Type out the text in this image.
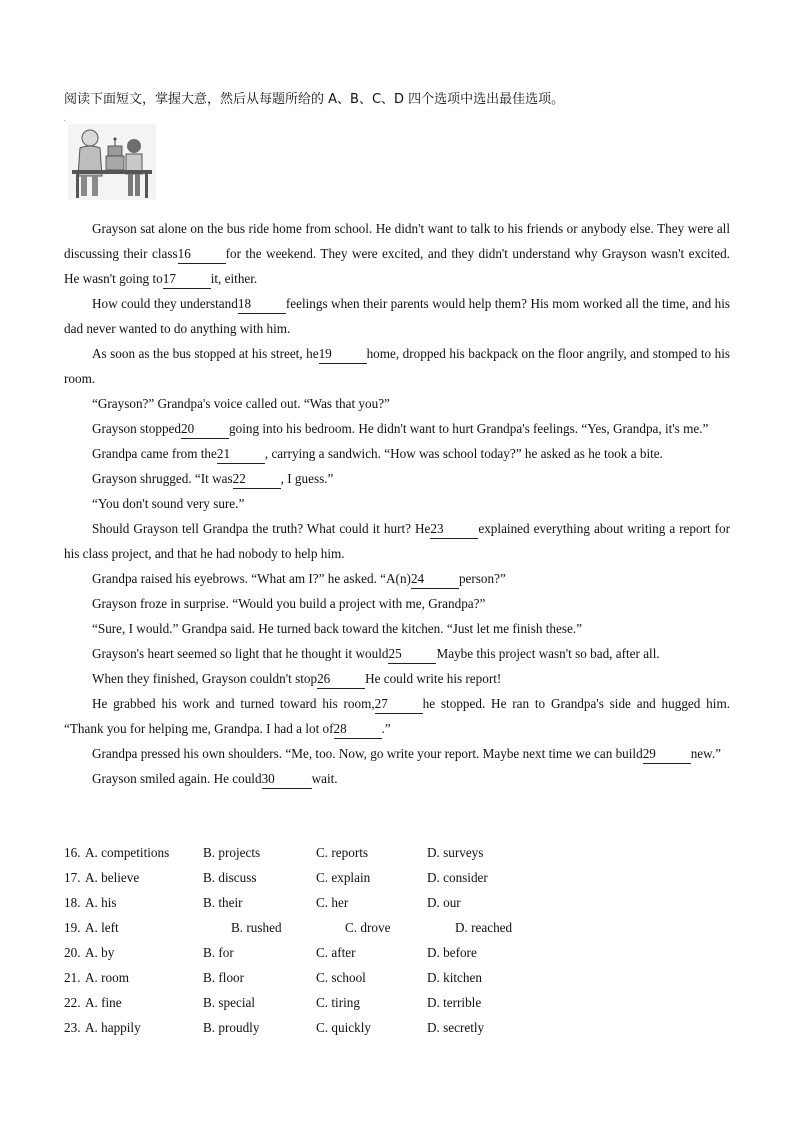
阅读下面短文，掌握大意，然后从每题所给的 A、B、C、D 四个选项中选出最佳选项。
• ..

Grayson sat alone on the bus ride home from school. He didn't want to talk to his friends or anybody else. They were all discussing their class16	for the weekend. They were excited, and they didn't understand why Grayson wasn't excited. He wasn't going to17	it, either.

How could they understand18	feelings when their parents would help them? His mom worked all the time, and his dad never wanted to do anything with him.

As soon as the bus stopped at his street, he19	home, dropped his backpack on the floor angrily, and stomped to his room.

“Grayson?” Grandpa's voice called out. “Was that you?”

Grayson stopped20	going into his bedroom. He didn't want to hurt Grandpa's feelings. “Yes, Grandpa, it's me.”

Grandpa came from the21	, carrying a sandwich. “How was school today?” he asked as he took a bite.

Grayson shrugged. “It was22	, I guess.”

“You don't sound very sure.”

Should Grayson tell Grandpa the truth? What could it hurt? He23	explained everything about writing a report for his class project, and that he had nobody to help him.

Grandpa raised his eyebrows. “What am I?” he asked. “A(n)24	person?”

Grayson froze in surprise. “Would you build a project with me, Grandpa?”

“Sure, I would.” Grandpa said. He turned back toward the kitchen. “Just let me finish these.”

Grayson's heart seemed so light that he thought it would25	Maybe this project wasn't so bad, after all.

When they finished, Grayson couldn't stop26	He could write his report!

He grabbed his work and turned toward his room,27	he stopped. He ran to Grandpa's side and hugged him. “Thank you for helping me, Grandpa. I had a lot of28	.”

Grandpa pressed his own shoulders. “Me, too. Now, go write your report. Maybe next time we can build29	new.”

Grayson smiled again. He could30	wait.

16. A. competitions	B. projects	C. reports	D. surveys
17. A. believe	B. discuss	C. explain	D. consider
18. A. his	B. their	C. her	D. our
19. A. left	B. rushed	C. drove	D. reached
20. A. by	B. for	C. after	D. before
21. A. room	B. floor	C. school	D. kitchen
22. A. fine	B. special	C. tiring	D. terrible
23. A. happily	B. proudly	C. quickly	D. secretly
